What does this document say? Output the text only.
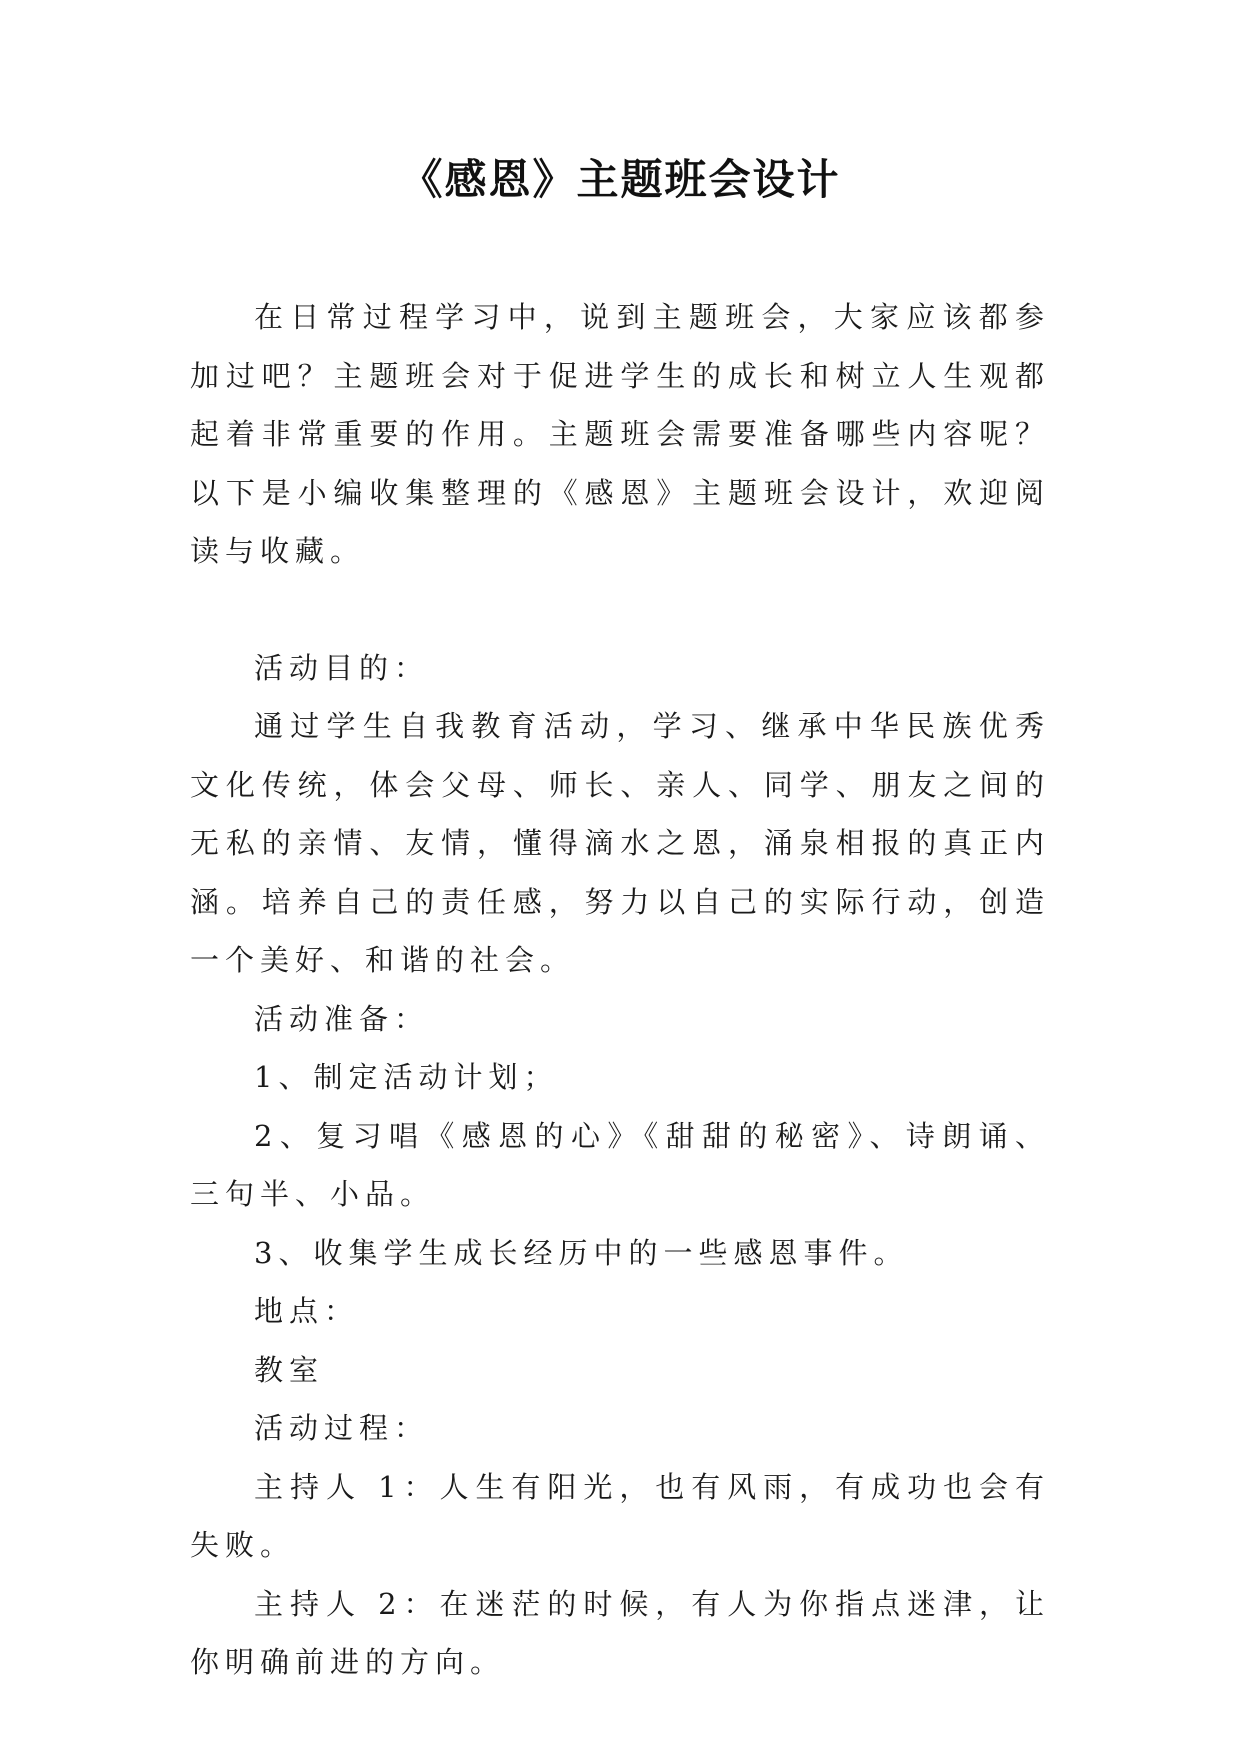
《感恩》主题班会设计

在日常过程学习中，说到主题班会，大家应该都参加过吧？主题班会对于促进学生的成长和树立人生观都起着非常重要的作用。主题班会需要准备哪些内容呢？以下是小编收集整理的《感恩》主题班会设计，欢迎阅读与收藏。

活动目的：

通过学生自我教育活动，学习、继承中华民族优秀文化传统，体会父母、师长、亲人、同学、朋友之间的无私的亲情、友情，懂得滴水之恩，涌泉相报的真正内涵。培养自己的责任感，努力以自己的实际行动，创造一个美好、和谐的社会。

活动准备：

1、制定活动计划；

2、复习唱《感恩的心》《甜甜的秘密》、诗朗诵、三句半、小品。

3、收集学生成长经历中的一些感恩事件。

地点：

教室

活动过程：

主持人 1：人生有阳光，也有风雨，有成功也会有失败。

主持人 2：在迷茫的时候，有人为你指点迷津，让你明确前进的方向。
